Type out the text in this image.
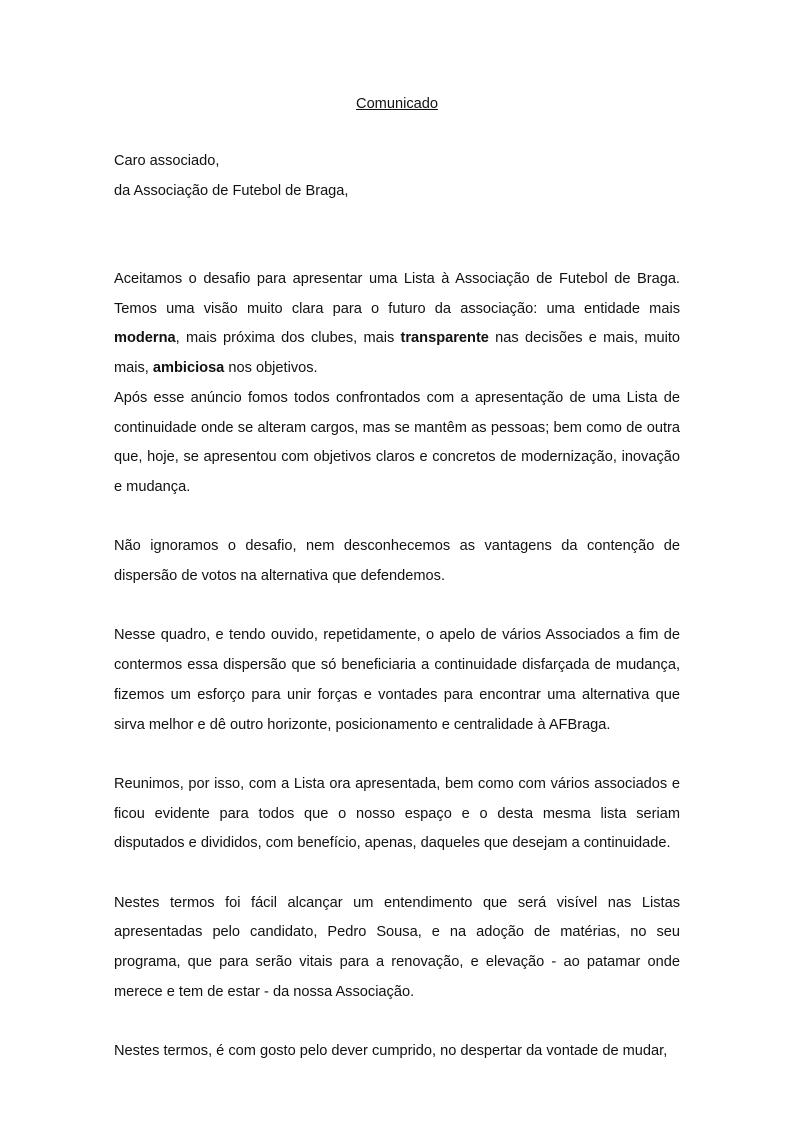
Comunicado
Caro associado,
da Associação de Futebol de Braga,

Aceitamos o desafio para apresentar uma Lista à Associação de Futebol de Braga. Temos uma visão muito clara para o futuro da associação: uma entidade mais moderna, mais próxima dos clubes, mais transparente nas decisões e mais, muito mais, ambiciosa nos objetivos.

Após esse anúncio fomos todos confrontados com a apresentação de uma Lista de continuidade onde se alteram cargos, mas se mantêm as pessoas; bem como de outra que, hoje, se apresentou com objetivos claros e concretos de modernização, inovação e mudança.

Não ignoramos o desafio, nem desconhecemos as vantagens da contenção de dispersão de votos na alternativa que defendemos.

Nesse quadro, e tendo ouvido, repetidamente, o apelo de vários Associados a fim de contermos essa dispersão que só beneficiaria a continuidade disfarçada de mudança, fizemos um esforço para unir forças e vontades para encontrar uma alternativa que sirva melhor e dê outro horizonte, posicionamento e centralidade à AFBraga.

Reunimos, por isso, com a Lista ora apresentada, bem como com vários associados e ficou evidente para todos que o nosso espaço e o desta mesma lista seriam disputados e divididos, com benefício, apenas, daqueles que desejam a continuidade.

Nestes termos foi fácil alcançar um entendimento que será visível nas Listas apresentadas pelo candidato, Pedro Sousa, e na adoção de matérias, no seu programa, que para serão vitais para a renovação, e elevação - ao patamar onde merece e tem de estar - da nossa Associação.

Nestes termos, é com gosto pelo dever cumprido, no despertar da vontade de mudar,
